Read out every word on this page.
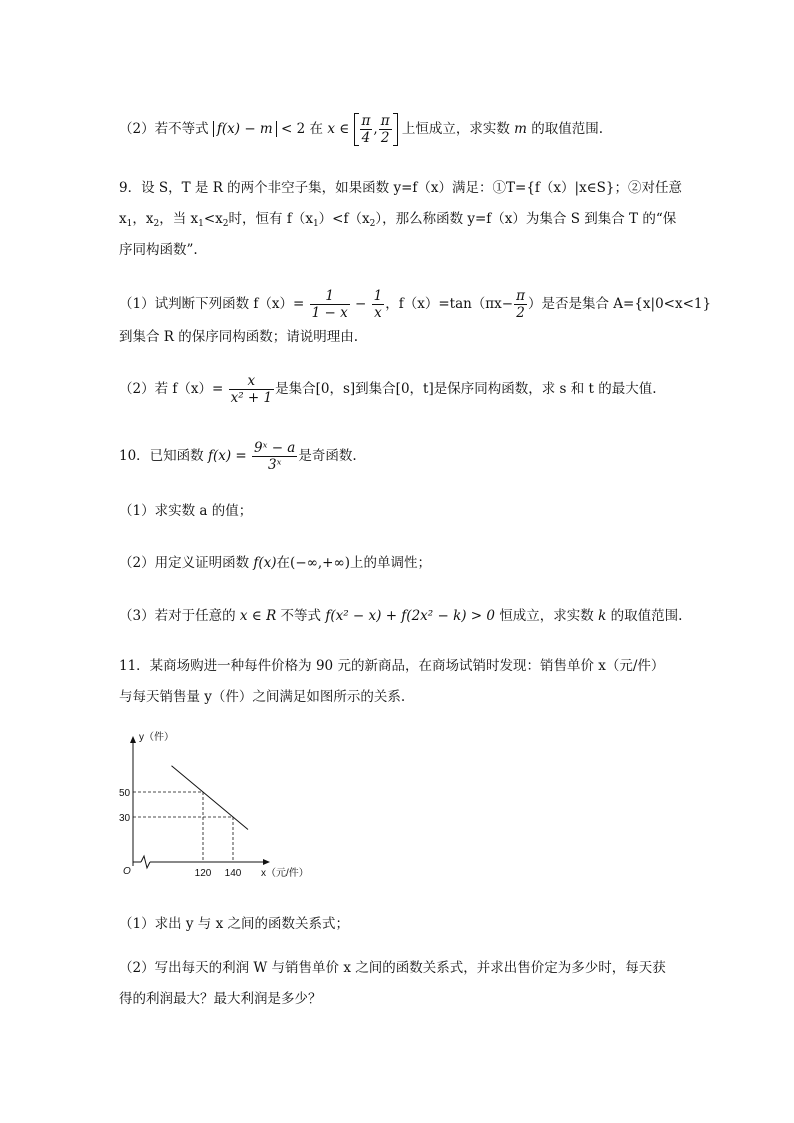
（2）若不等式 f(x) − m < 2 在 x ∈ $\frac{\pi}{4}$ , $\frac{\pi}{2}$ 上恒成立，求实数 m 的取值范围.
9．设 S，T 是 R 的两个非空子集，如果函数 y=f（x）满足：①T={f（x）|x∈S}；②对任意
$x_1$，$x_2$，当 $x_1<x_2$时，恒有 $f(x_1)<f(x_2)$，那么称函数 y=f（x）为集合 S 到集合 T 的“保
序同构函数”.
（1）试判断下列函数 $f(x)= \frac{1}{1 - x} - \frac{1}{x}$ ，$f(x)=\tan(\pi x- \frac{\pi}{2}$ ）是否是集合 A={x|0<x<1}
到集合 R 的保序同构函数；请说明理由.
（2）若 $f(x)= \frac{x}{\text{x² + 1}}$ 是集合[0，s]到集合[0，t]是保序同构函数，求 s 和 t 的最大值.
10．已知函数 $f(x) = \frac{\text{9ˣ − a}}{\text{3ˣ}}$ 是奇函数.
（1）求实数 a 的值；
（2）用定义证明函数 f(x)在(−∞,+∞)上的单调性；
（3）若对于任意的 x ∈ R 不等式 f(x² − x) + f(2x² − k) > 0 恒成立，求实数 k 的取值范围.
11．某商场购进一种每件价格为 90 元的新商品，在商场试销时发现：销售单价 x（元/件）
与每天销售量 y（件）之间满足如图所示的关系.
y（件）
x（元/件）
O	120 140
50
30
（1）求出 y 与 x 之间的函数关系式；
（2）写出每天的利润 W 与销售单价 x 之间的函数关系式，并求出售价定为多少时，每天获
得的利润最大？最大利润是多少？
